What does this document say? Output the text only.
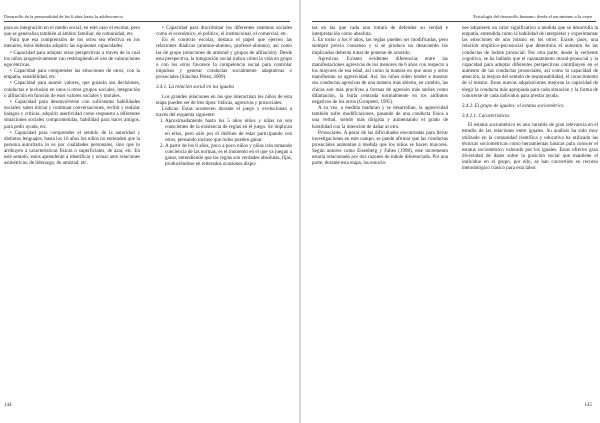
Desarrollo de la personalidad de los 6 años hasta la adolescencia

para su integración en el medio social, en este caso el escolar, pero que se generaliza también al ámbito familiar, de comunidad, etc.

Para que esa comprensión de los otros sea efectiva en los menores, éstos deberán adquirir las siguientes capacidades:

• Capacidad para adoptar otras perspectivas a través de la cual los niños progresivamente van restringiendo el uso de valoraciones egocéntricas.

• Capacidad para comprender las emociones de otros, con la empatía, sensibilidad, etc.

• Capacidad para asumir valores, que guiarán sus decisiones, conductas e inclusión en unos u otros grupos sociales, integración o afiliación en función de esos valores sociales y morales.

• Capacidad para desenvolverse con suficientes habilidades sociales: saber iniciar y continuar conversaciones, recibir y realizar halagos y críticas, adquirir asertividad como respuesta a diferentes situaciones sociales comprometidas, habilidad para hacer amigos, para pedir ayuda, etc.

• Capacidad para comprender el sentido de la autoridad y distintos lenguajes: hasta los 10 años los niños no entienden que la persona autoritaria lo es por cualidades personales, sino que lo atribuyen a características físicas o superficiales, de azar, etc. En este sentido, estos aprenderán a identificar y actuar ante relaciones asimétricas, de liderazgo, de amistad, etc.

• Capacidad para discriminar los diferentes sistemas sociales como el económico, el político, el institucional, el comercial, etc.

En el contexto escolar, destaca el papel que ejercen las relaciones diádicas (alumno-alumno, profesor-alumno), así como las de grupo (relaciones de amistad y grupos de afiliación). Desde esta perspectiva, la integración social indica cómo la vida en grupo o con los otros favorece la competencia social para controlar impulsos y generar conductas socialmente adaptativas o prosociales (Sánchez Pérez, 2009).

3.4.1. La relación social en los iguales

Los grandes relaciones en las que interactúan los niños de esta etapa pueden ser de tres tipos: lúdicas, agresivas y prosociales.

Lúdicas. Estas acontecen durante el juego y evolucionan a través del esquema siguiente:

1. Aproximadamente hasta los 5 años niños y niñas no son conscientes de la existencia de reglas en el juego. Se implican en ellos, pero sólo por el disfrute de estar participando con otros, pensando incluso que todos pueden ganar.
2. A partir de los 6 años, poco a poco niños y niñas irán tomando conciencia de las normas, es el momento en el que ya juegan a ganar, entendiendo que las reglas son verdades absolutas, fijas, produciéndose en reiterados ocasiones dispu-
144
Psicología del desarrollo humano: desde el nacimiento a la vejez

tas en las que cada uno tratará de defender su verdad e interpretación como absoluta.

3. En torno a los 8 años, las reglas pueden ser modificadas, pero siempre previo consenso y si se produce un desacuerdo los implicados deberán tratar de ponerse de acuerdo.

Agresivas. Existen evidentes diferencias entre las manifestaciones agresivas de los menores de 6 años con respecto a los mayores de esa edad, así como la manera en que unos y otros manifiestan su agresividad. Así, los niños siden tender a mostrar sus conductas agresivas de una manera más abierta, en cambio, las chicas son más proclives a formas de agresión más sutiles como difamación, la burla centrada normalmente en los atributos negativos de los otros (Grotpeter, 1995).

A su vez, a medida maduran y se desarrollan, la agresividad también sufre modificaciones, pasando de una conducta física a una verbal, siendo más dirigida y aumentando el grado de hostilidad con la intención de dañar al otro.

Prosociales. A pesar de las dificultades encontradas para llevar investigaciones en este campo, se puede afirmar que las conductas prosociales aumentan a medida que los niños se hacen mayores. Según autores como Eisenberg y Fabes (1998), este incremento estaría relacionado por dos razones de índole diferenciada. Por una parte, durante esta etapa, las emocio-

nes adquieren un valor significativo a medida que se desarrolla la empatía, entendida como la habilidad de interpretar y experimentar las emociones de uno mismo en los otros. Existe, pues, una relación empírico-psicosocial que determina el aumento de las conductas de índole prosocial. Por otra parte, desde la vertiente cognitiva, se ha hallado que el razonamiento moral-prosocial y la capacidad para adoptar diferentes perspectivas contribuyen en el aumento de las conductas prosociales, así como la capacidad de atención, la mejora del sentido de responsabilidad, el conocimiento de sí mismo. Estas nuevas adquisiciones mejoran la capacidad de elegir la conducta más apropiada para cada situación y la forma de conocerse de cada individuo para prestar ayuda.

3.4.2. El grupo de iguales: el estatus sociométrico
3.4.2.1. Características

El estatus sociométrico es una variable de gran relevancia en el estudio de las relaciones entre iguales. Su análisis ha sido muy utilizado en la comunidad científica y educativa ha utilizado las técnicas sociométricas como herramientas básicas para conocer el estatus sociométrico valorado por los iguales. Estas ofrecen gran diversidad de datos sobre la posición social que mantiene el individuo en el grupo, por ello, se han convertido en recurso metodológico clásico para esta labor.

145
